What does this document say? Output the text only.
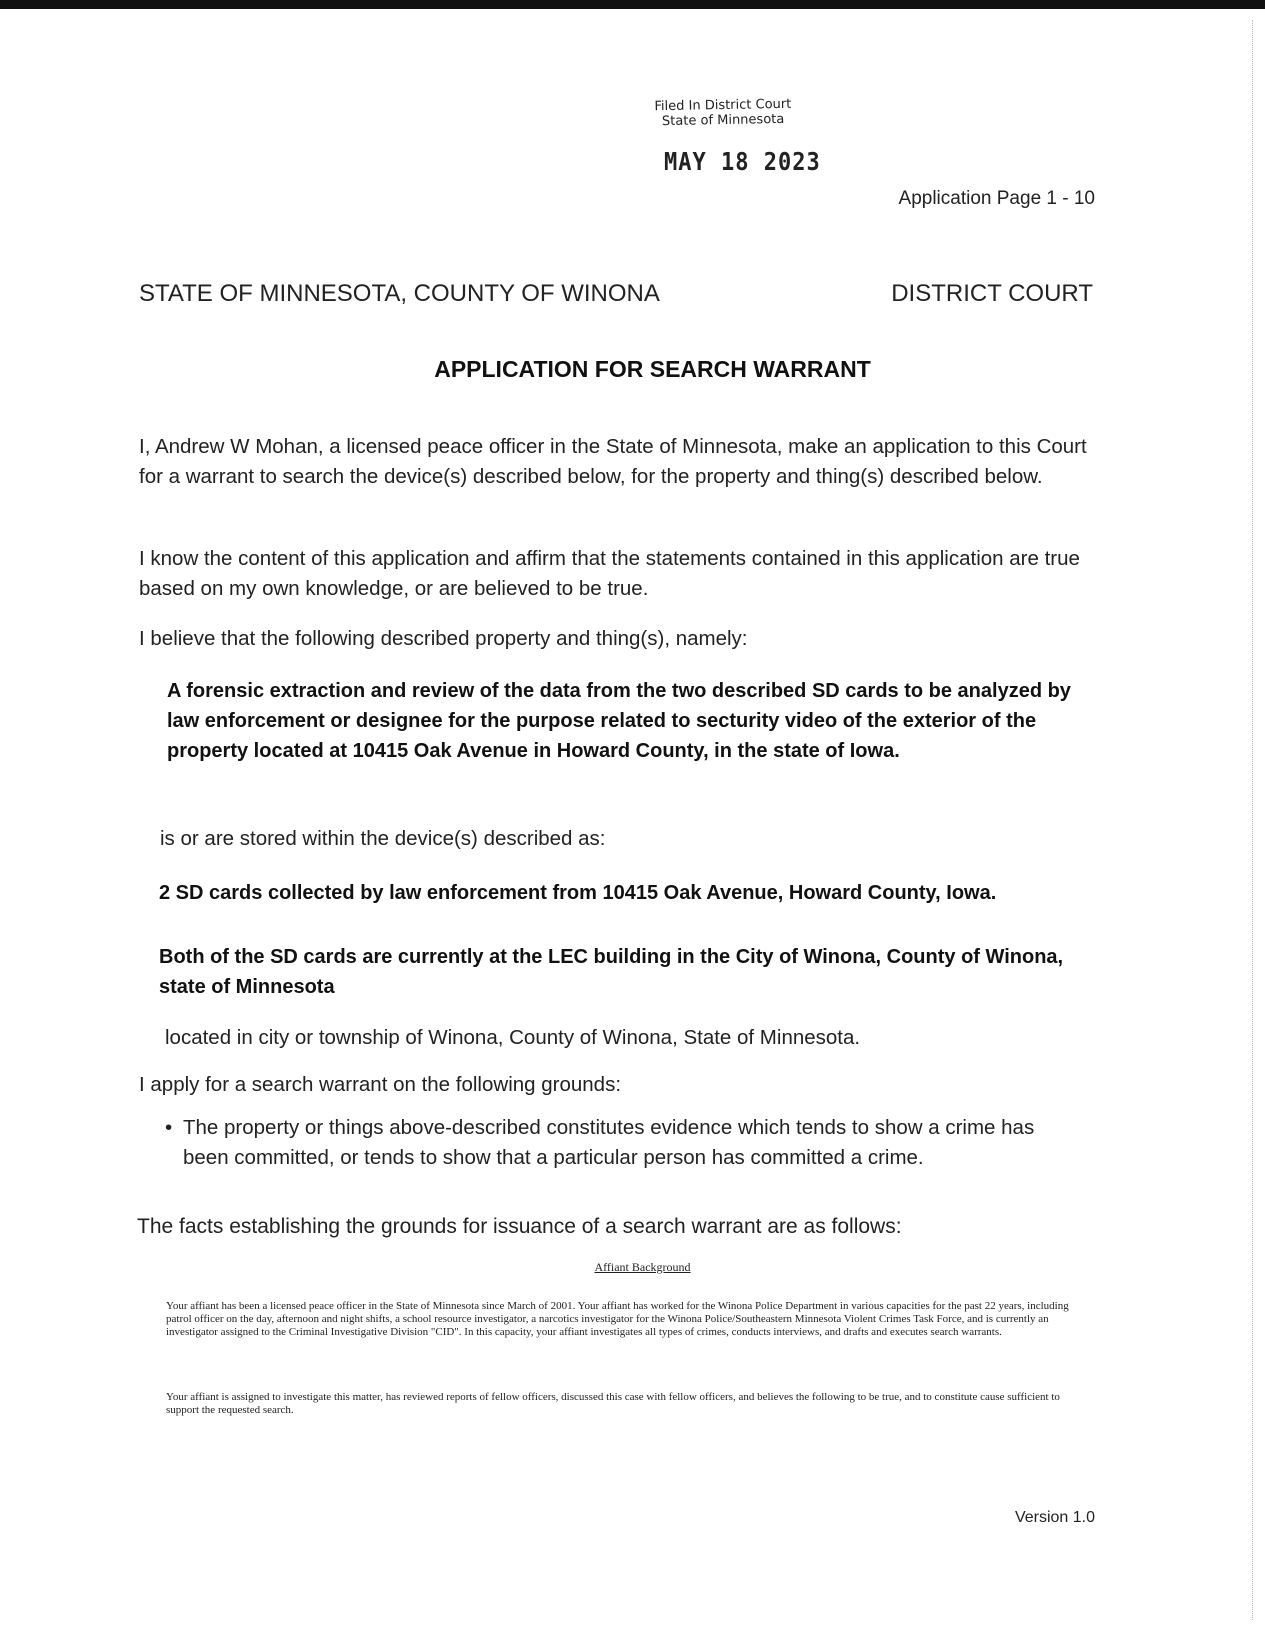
Filed In District Court
State of Minnesota
MAY 18 2023
Application Page 1 - 10
STATE OF MINNESOTA, COUNTY OF WINONA	DISTRICT COURT
APPLICATION FOR SEARCH WARRANT
I, Andrew W Mohan, a licensed peace officer in the State of Minnesota, make an application to this Court for a warrant to search the device(s) described below, for the property and thing(s) described below.
I know the content of this application and affirm that the statements contained in this application are true based on my own knowledge, or are believed to be true.
I believe that the following described property and thing(s), namely:
A forensic extraction and review of the data from the two described SD cards to be analyzed by law enforcement or designee for the purpose related to secturity video of the exterior of the property located at 10415 Oak Avenue in Howard County, in the state of Iowa.
is or are stored within the device(s) described as:
2 SD cards collected by law enforcement from 10415 Oak Avenue, Howard County, Iowa.
Both of the SD cards are currently at the LEC building in the City of Winona, County of Winona, state of Minnesota
located in city or township of Winona, County of Winona, State of Minnesota.
I apply for a search warrant on the following grounds:
• The property or things above-described constitutes evidence which tends to show a crime has been committed, or tends to show that a particular person has committed a crime.
The facts establishing the grounds for issuance of a search warrant are as follows:
Affiant Background
Your affiant has been a licensed peace officer in the State of Minnesota since March of 2001. Your affiant has worked for the Winona Police Department in various capacities for the past 22 years, including patrol officer on the day, afternoon and night shifts, a school resource investigator, a narcotics investigator for the Winona Police/Southeastern Minnesota Violent Crimes Task Force, and is currently an investigator assigned to the Criminal Investigative Division "CID". In this capacity, your affiant investigates all types of crimes, conducts interviews, and drafts and executes search warrants.
Your affiant is assigned to investigate this matter, has reviewed reports of fellow officers, discussed this case with fellow officers, and believes the following to be true, and to constitute cause sufficient to support the requested search.
Version 1.0
